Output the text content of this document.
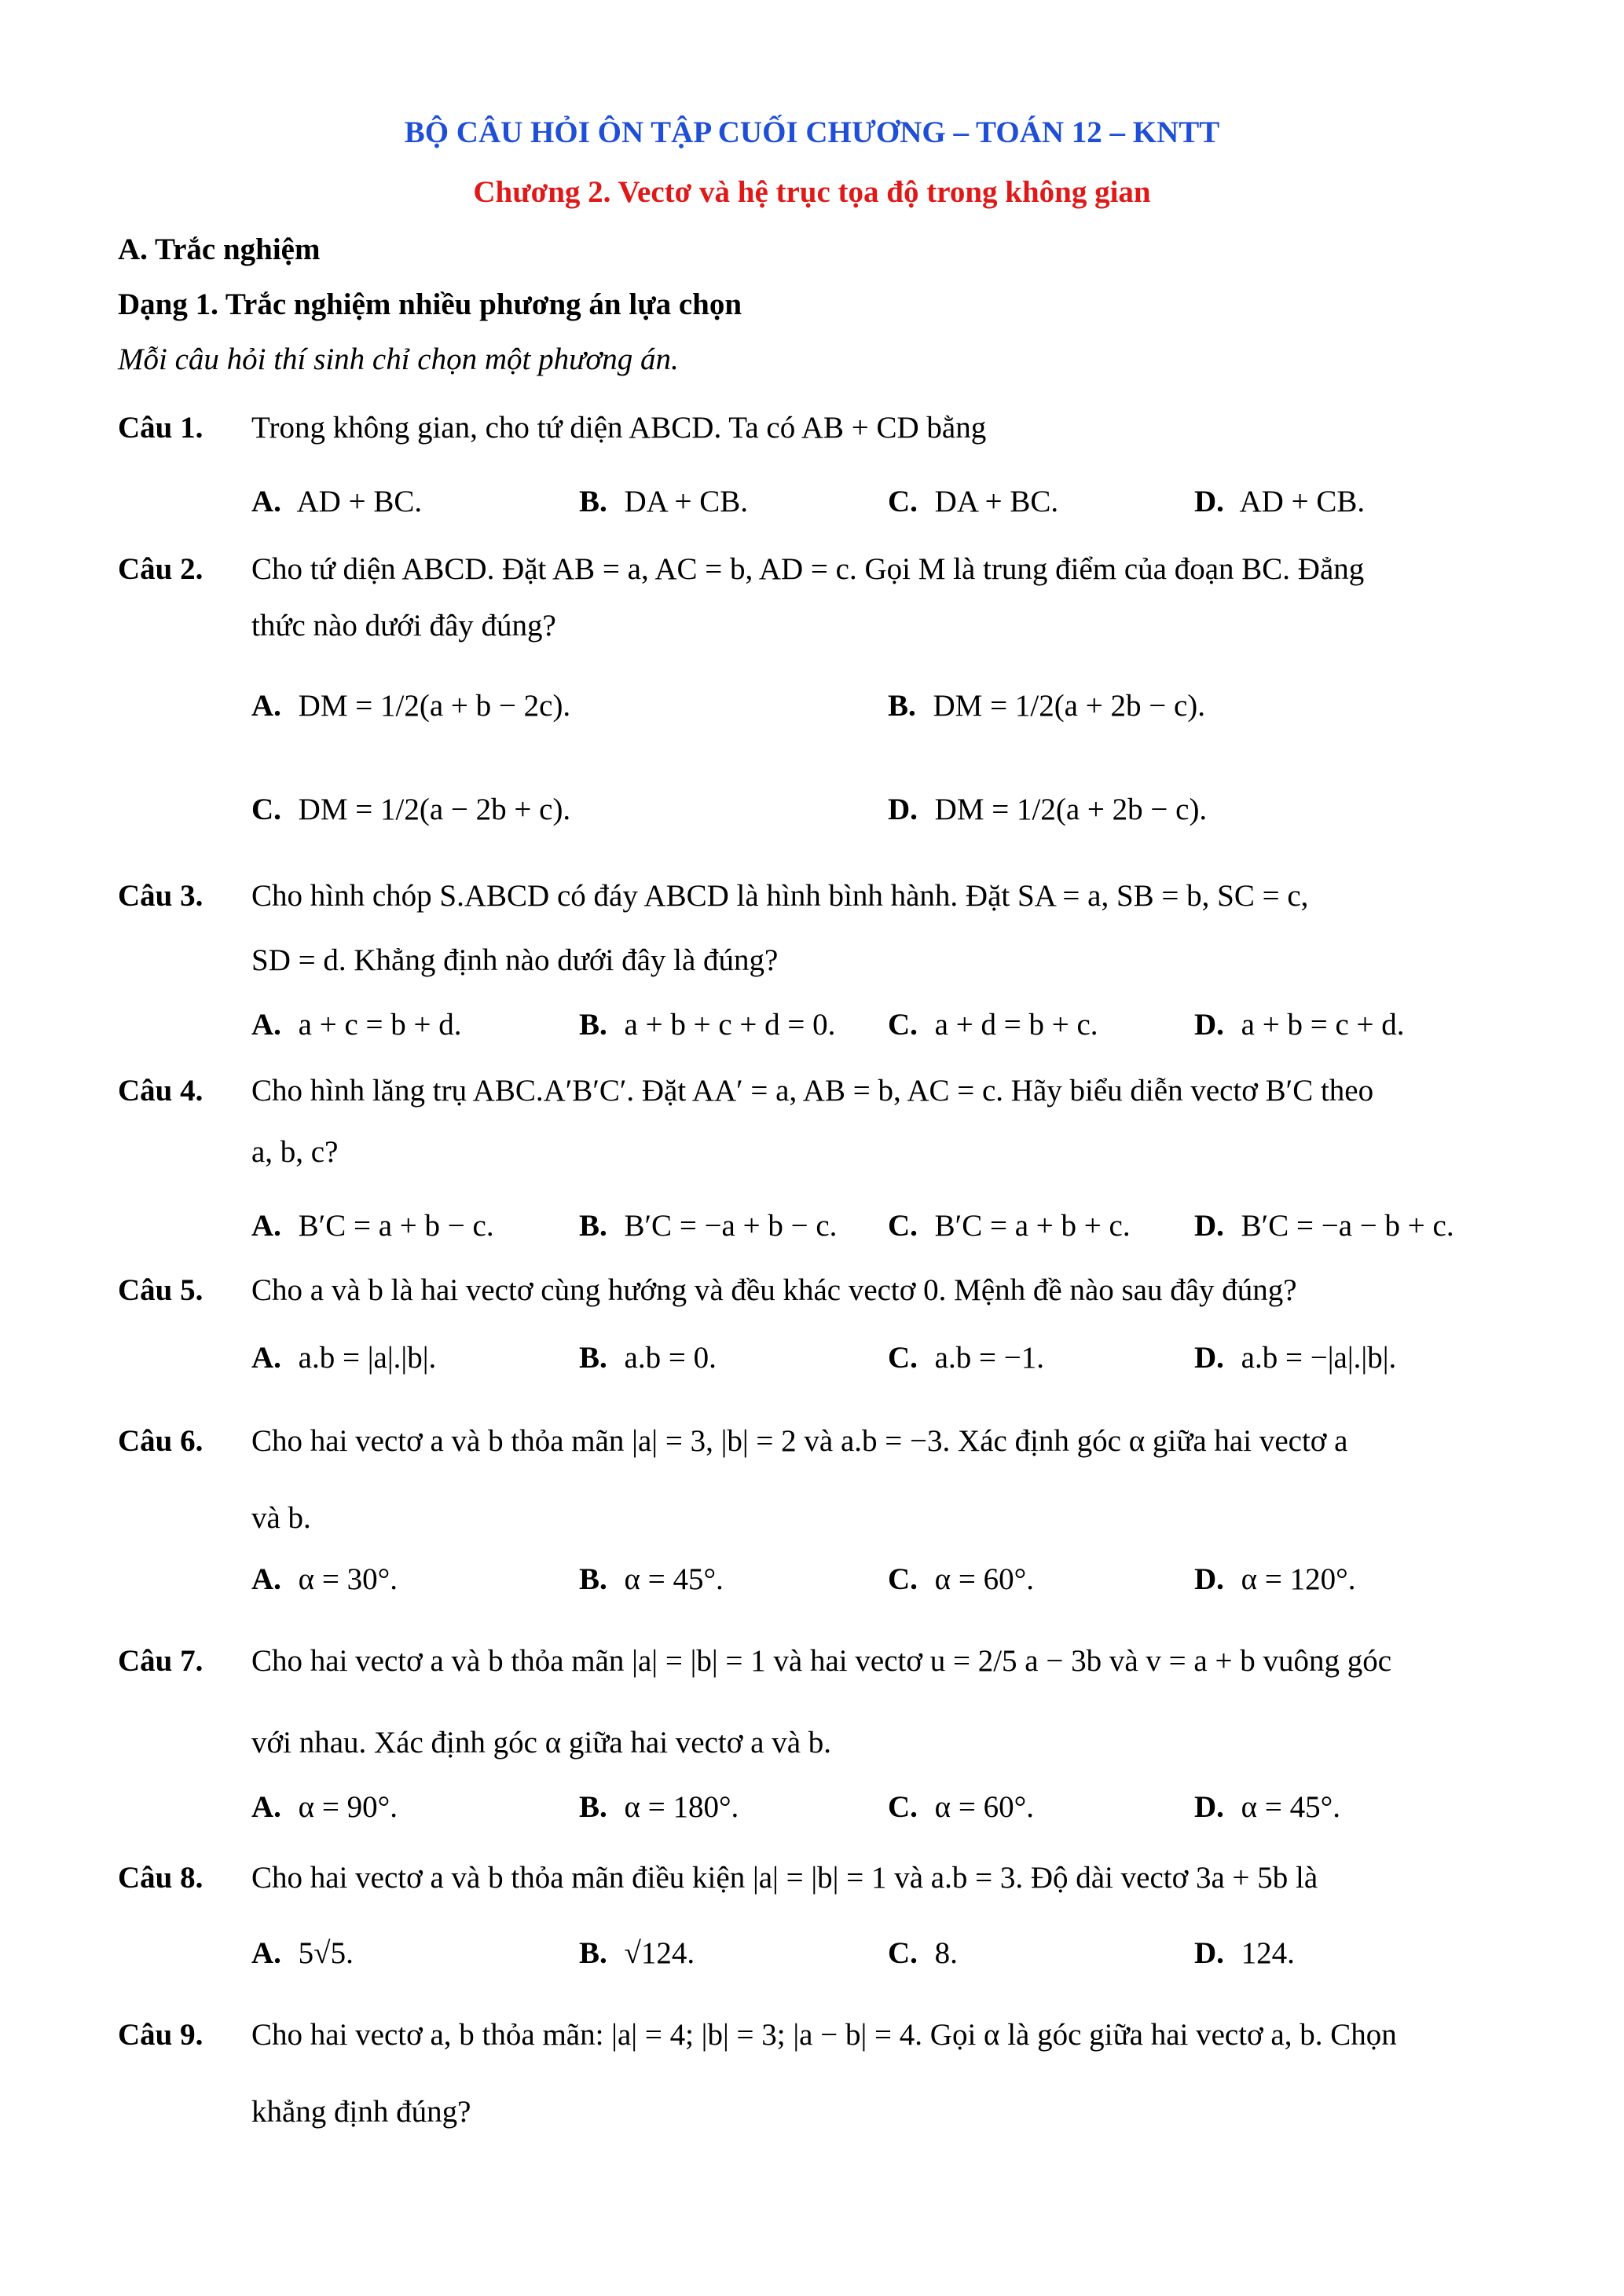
BỘ CÂU HỎI ÔN TẬP CUỐI CHƯƠNG – TOÁN 12 – KNTT
Chương 2. Vectơ và hệ trục tọa độ trong không gian
A. Trắc nghiệm
Dạng 1. Trắc nghiệm nhiều phương án lựa chọn
Mỗi câu hỏi thí sinh chỉ chọn một phương án.
Câu 1. Trong không gian, cho tứ diện ABCD. Ta có AB + CD bằng
A. AD + BC.	B. DA + CB.	C. DA + BC.	D. AD + CB.
Câu 2. Cho tứ diện ABCD. Đặt AB = a, AC = b, AD = c. Gọi M là trung điểm của đoạn BC. Đẳng
thức nào dưới đây đúng?
A. DM = 1/2(a + b − 2c).	B. DM = 1/2(a + 2b − c).
C. DM = 1/2(a − 2b + c).	D. DM = 1/2(a + 2b − c).
Câu 3. Cho hình chóp S.ABCD có đáy ABCD là hình bình hành. Đặt SA = a, SB = b, SC = c,
SD = d. Khẳng định nào dưới đây là đúng?
A. a + c = b + d.	B. a + b + c + d = 0. C. a + d = b + c.	D. a + b = c + d.
Câu 4. Cho hình lăng trụ ABC.A′B′C′. Đặt AA′ = a, AB = b, AC = c. Hãy biểu diễn vectơ B′C theo
a, b, c?
A. B′C = a + b − c.	B. B′C = −a + b − c. C. B′C = a + b + c. D. B′C = −a − b + c.
Câu 5. Cho a và b là hai vectơ cùng hướng và đều khác vectơ 0. Mệnh đề nào sau đây đúng?
A. a.b = |a|.|b|.	B. a.b = 0.	C. a.b = −1.	D. a.b = −|a|.|b|.
Câu 6. Cho hai vectơ a và b thỏa mãn |a| = 3, |b| = 2 và a.b = −3. Xác định góc α giữa hai vectơ a
và b.
A. α = 30°.	B. α = 45°.	C. α = 60°.	D. α = 120°.
Câu 7. Cho hai vectơ a và b thỏa mãn |a| = |b| = 1 và hai vectơ u = 2/5 a − 3b và v = a + b vuông góc
với nhau. Xác định góc α giữa hai vectơ a và b.
A. α = 90°.	B. α = 180°.	C. α = 60°.	D. α = 45°.
Câu 8. Cho hai vectơ a và b thỏa mãn điều kiện |a| = |b| = 1 và a.b = 3. Độ dài vectơ 3a + 5b là
A. 5√5.	B. √124.	C. 8.	D. 124.
Câu 9. Cho hai vectơ a, b thỏa mãn: |a| = 4; |b| = 3; |a − b| = 4. Gọi α là góc giữa hai vectơ a, b. Chọn
khẳng định đúng?
